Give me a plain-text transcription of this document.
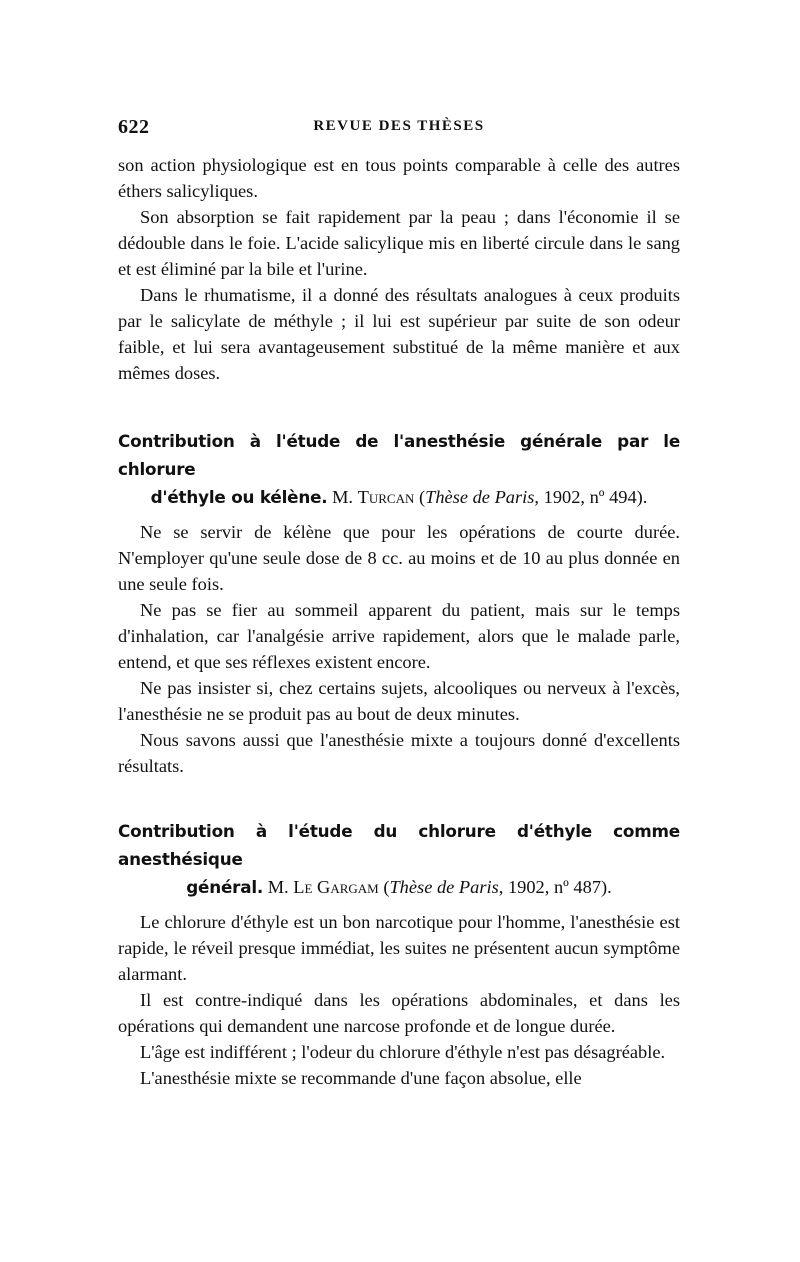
622	REVUE DES THÈSES

son action physiologique est en tous points comparable à celle des autres éthers salicyliques.

Son absorption se fait rapidement par la peau ; dans l'économie il se dédouble dans le foie. L'acide salicylique mis en liberté circule dans le sang et est éliminé par la bile et l'urine.

Dans le rhumatisme, il a donné des résultats analogues à ceux produits par le salicylate de méthyle ; il lui est supérieur par suite de son odeur faible, et lui sera avantageusement substitué de la même manière et aux mêmes doses.

Contribution à l'étude de l'anesthésie générale par le chlorure
d'éthyle ou kélène. M. Turcan (Thèse de Paris, 1902, nº 494).

Ne se servir de kélène que pour les opérations de courte durée. N'employer qu'une seule dose de 8 cc. au moins et de 10 au plus donnée en une seule fois.

Ne pas se fier au sommeil apparent du patient, mais sur le temps d'inhalation, car l'analgésie arrive rapidement, alors que le malade parle, entend, et que ses réflexes existent encore.

Ne pas insister si, chez certains sujets, alcooliques ou nerveux à l'excès, l'anesthésie ne se produit pas au bout de deux minutes.

Nous savons aussi que l'anesthésie mixte a toujours donné d'excellents résultats.

Contribution à l'étude du chlorure d'éthyle comme anesthésique
général. M. Le Gargam (Thèse de Paris, 1902, nº 487).

Le chlorure d'éthyle est un bon narcotique pour l'homme, l'anesthésie est rapide, le réveil presque immédiat, les suites ne présentent aucun symptôme alarmant.

Il est contre-indiqué dans les opérations abdominales, et dans les opérations qui demandent une narcose profonde et de longue durée.

L'âge est indifférent ; l'odeur du chlorure d'éthyle n'est pas désagréable.

L'anesthésie mixte se recommande d'une façon absolue, elle
